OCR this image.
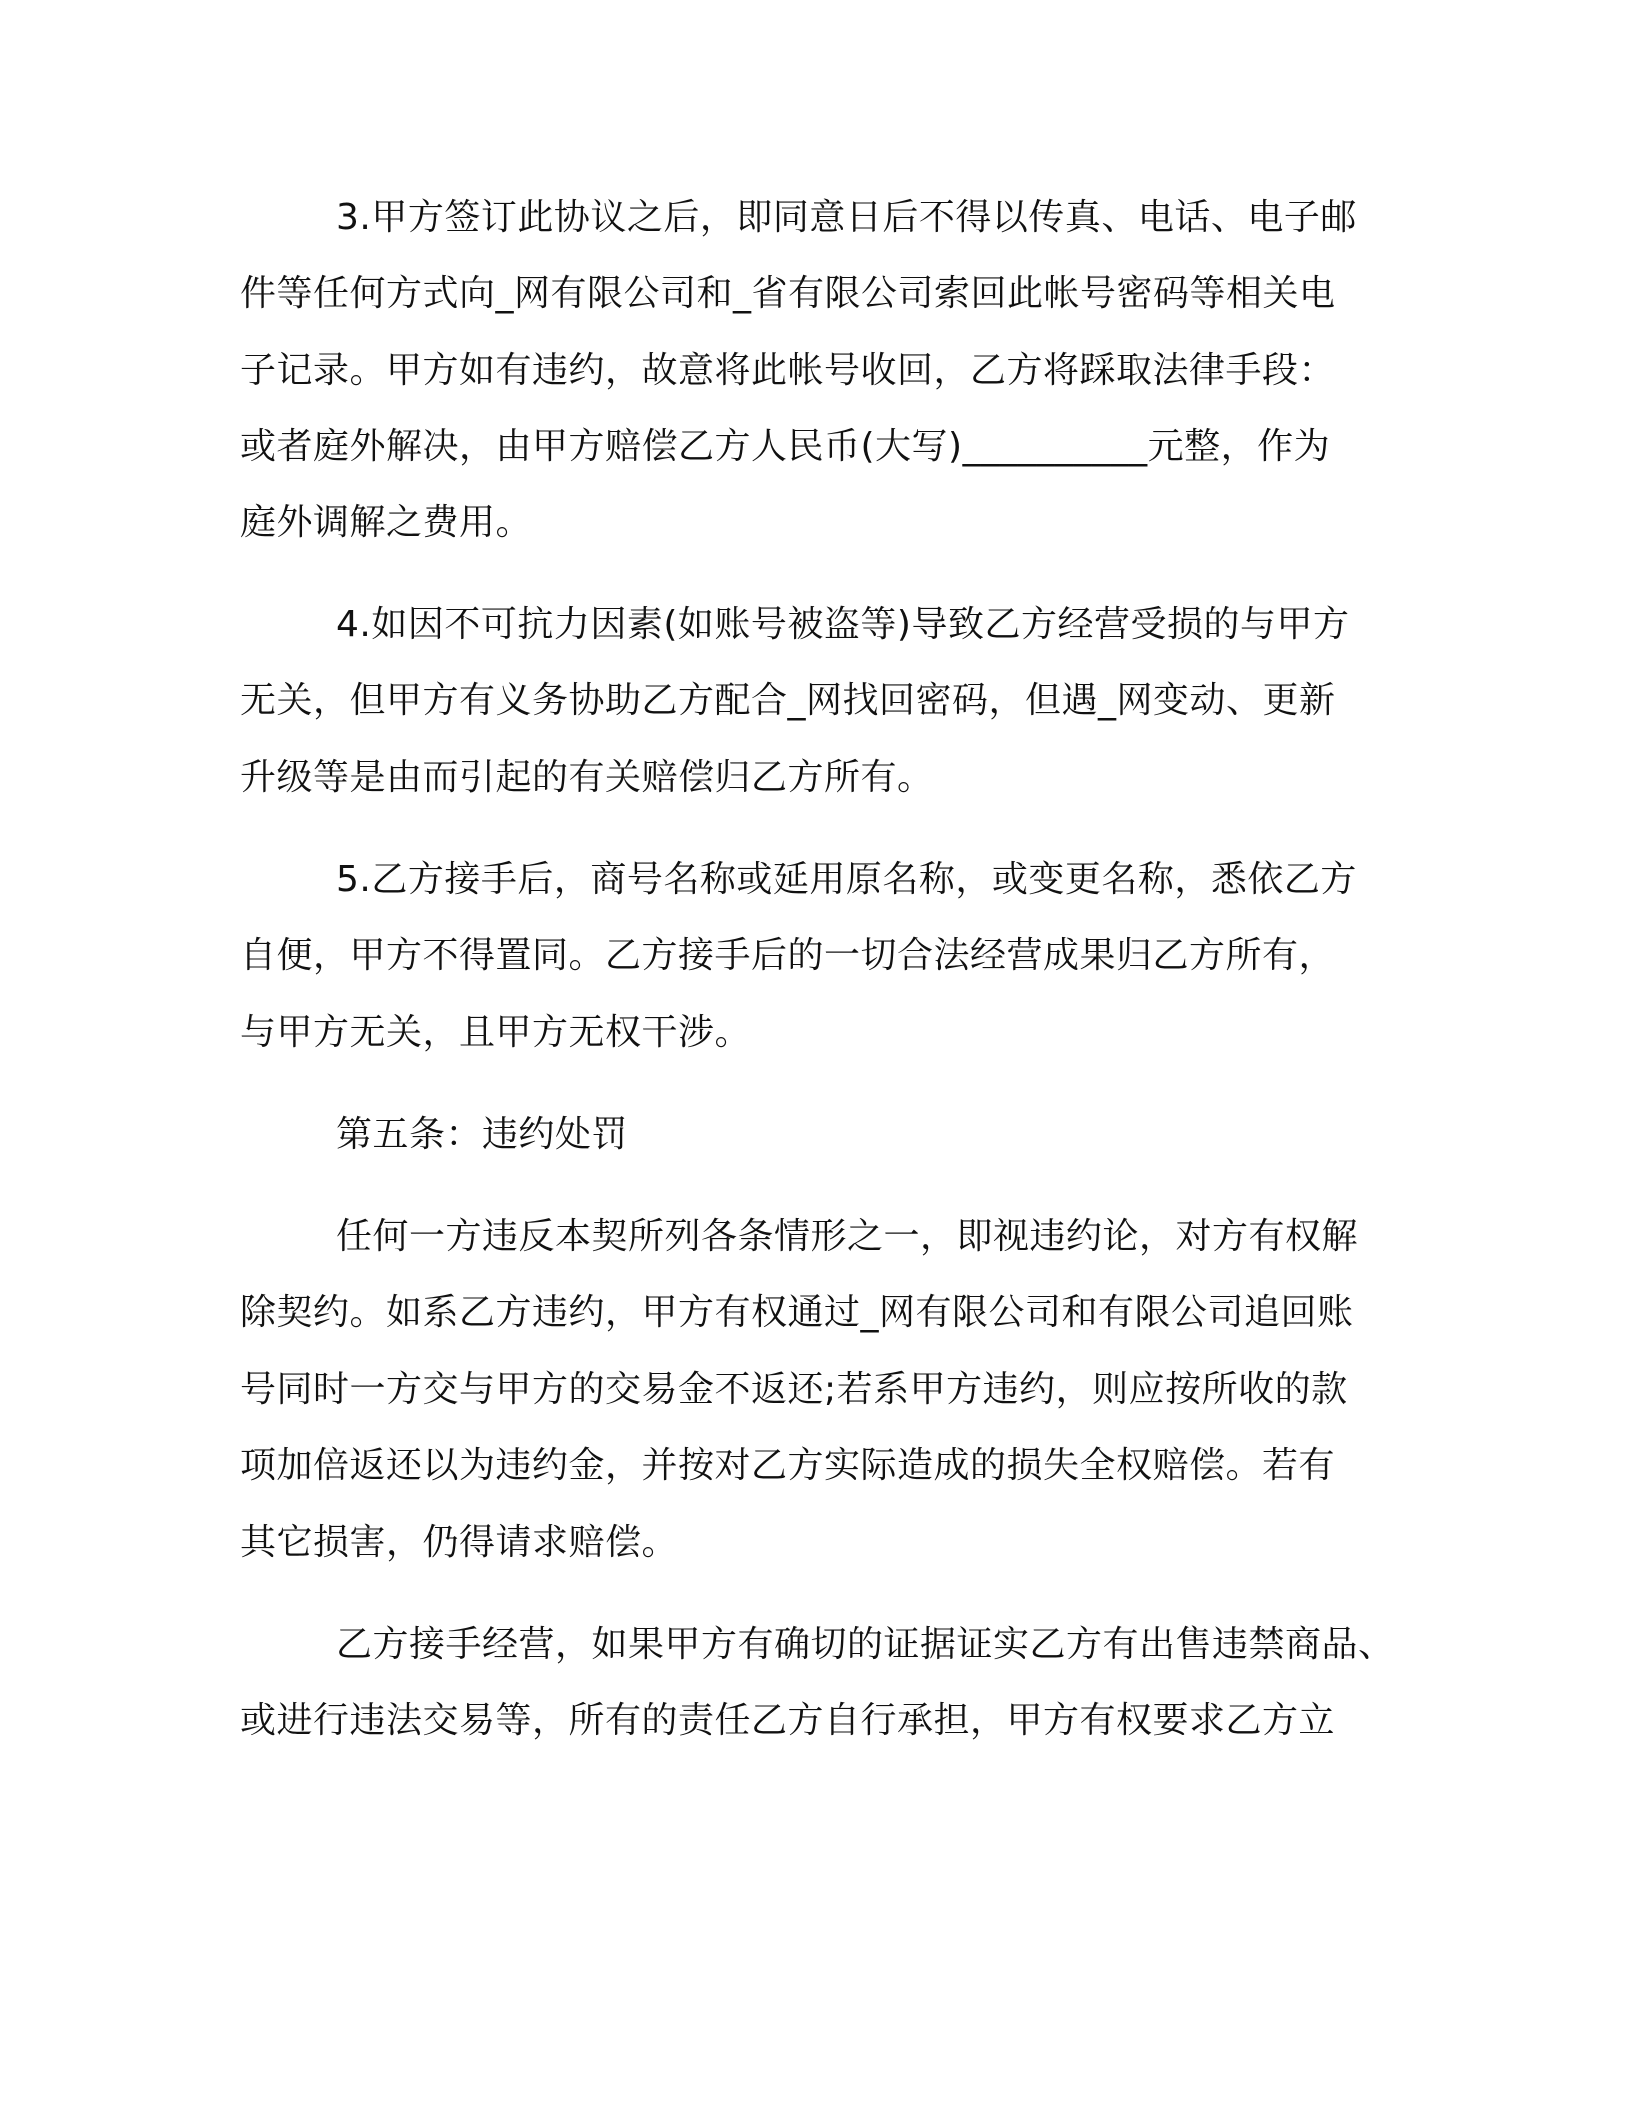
3.甲方签订此协议之后，即同意日后不得以传真、电话、电子邮
件等任何方式向_网有限公司和_省有限公司索回此帐号密码等相关电
子记录。甲方如有违约，故意将此帐号收回，乙方将踩取法律手段：
或者庭外解决，由甲方赔偿乙方人民币(大写)__________元整，作为
庭外调解之费用。
4.如因不可抗力因素(如账号被盗等)导致乙方经营受损的与甲方
无关，但甲方有义务协助乙方配合_网找回密码，但遇_网变动、更新
升级等是由而引起的有关赔偿归乙方所有。
5.乙方接手后，商号名称或延用原名称，或变更名称，悉依乙方
自便，甲方不得置同。乙方接手后的一切合法经营成果归乙方所有，
与甲方无关，且甲方无权干涉。
第五条：违约处罚
任何一方违反本契所列各条情形之一，即视违约论，对方有权解
除契约。如系乙方违约，甲方有权通过_网有限公司和有限公司追回账
号同时一方交与甲方的交易金不返还;若系甲方违约，则应按所收的款
项加倍返还以为违约金，并按对乙方实际造成的损失全权赔偿。若有
其它损害，仍得请求赔偿。
乙方接手经营，如果甲方有确切的证据证实乙方有出售违禁商品、
或进行违法交易等，所有的责任乙方自行承担，甲方有权要求乙方立
